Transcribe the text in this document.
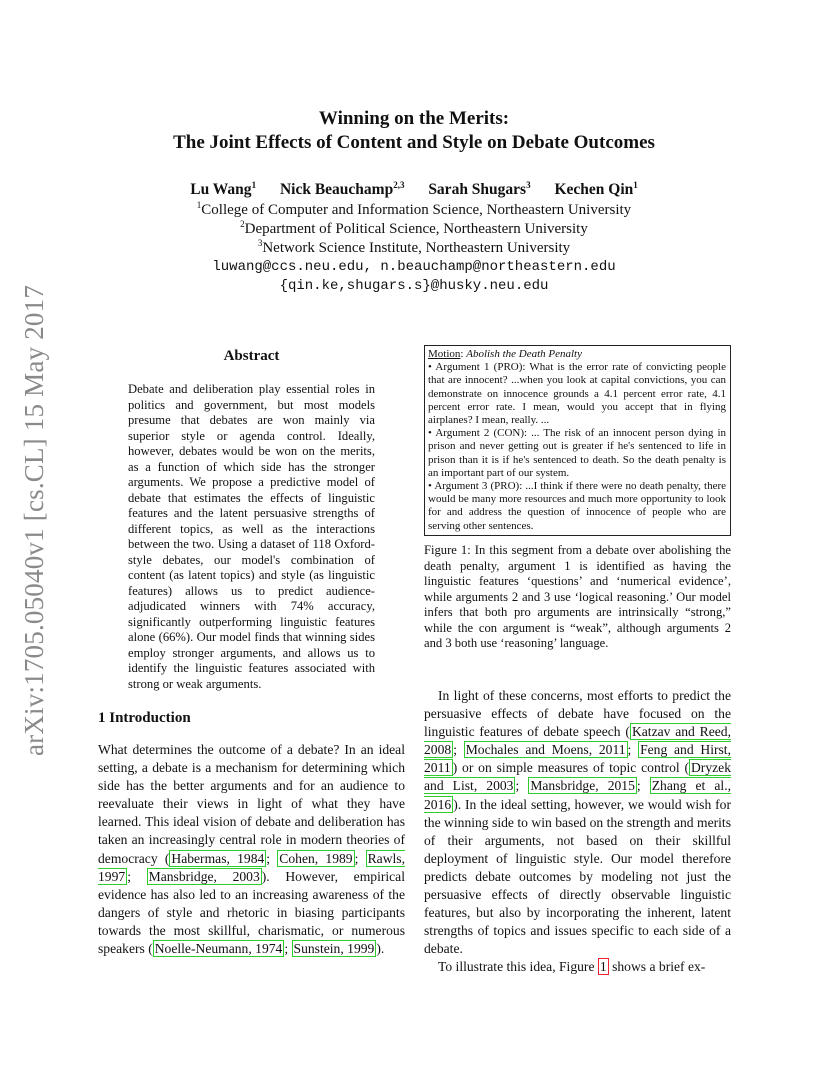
arXiv:1705.05040v1 [cs.CL] 15 May 2017
Winning on the Merits:
The Joint Effects of Content and Style on Debate Outcomes
Lu Wang$^1$ Nick Beauchamp$^{2,3}$ Sarah Shugars$^3$ Kechen Qin$^1$
$^1$College of Computer and Information Science, Northeastern University
$^2$Department of Political Science, Northeastern University
$^3$Network Science Institute, Northeastern University
luwang@ccs.neu.edu, n.beauchamp@northeastern.edu
{qin.ke,shugars.s}@husky.neu.edu
Abstract
Debate and deliberation play essential roles in politics and government, but most models presume that debates are won mainly via superior style or agenda control. Ideally, however, debates would be won on the merits, as a function of which side has the stronger arguments. We propose a predictive model of debate that estimates the effects of linguistic features and the latent persuasive strengths of different topics, as well as the interactions between the two. Using a dataset of 118 Oxford-style debates, our model's combination of content (as latent topics) and style (as linguistic features) allows us to predict audience-adjudicated winners with 74% accuracy, significantly outperforming linguistic features alone (66%). Our model finds that winning sides employ stronger arguments, and allows us to identify the linguistic features associated with strong or weak arguments.

Motion: Abolish the Death Penalty

• Argument 1 (PRO): What is the error rate of convicting people that are innocent? ...when you look at capital convictions, you can demonstrate on innocence grounds a 4.1 percent error rate, 4.1 percent error rate. I mean, would you accept that in flying airplanes? I mean, really. ...

• Argument 2 (CON): ... The risk of an innocent person dying in prison and never getting out is greater if he's sentenced to life in prison than it is if he's sentenced to death. So the death penalty is an important part of our system.

• Argument 3 (PRO): ...I think if there were no death penalty, there would be many more resources and much more opportunity to look for and address the question of innocence of people who are serving other sentences.

Figure 1: In this segment from a debate over abolishing the death penalty, argument 1 is identified as having the linguistic features ‘questions’ and ‘numerical evidence’, while arguments 2 and 3 use ‘logical reasoning.’ Our model infers that both pro arguments are intrinsically “strong,” while the con argument is “weak”, although arguments 2 and 3 both use ‘reasoning’ language.
1 Introduction

What determines the outcome of a debate? In an ideal setting, a debate is a mechanism for determining which side has the better arguments and for an audience to reevaluate their views in light of what they have learned. This ideal vision of debate and deliberation has taken an increasingly central role in modern theories of democracy ( Habermas, 1984 ; Cohen, 1989 ; Rawls, 1997 ; Mansbridge, 2003 ). However, empirical evidence has also led to an increasing awareness of the dangers of style and rhetoric in biasing participants towards the most skillful, charismatic, or numerous speakers ( Noelle-Neumann, 1974 ; Sunstein, 1999 ).

In light of these concerns, most efforts to predict the persuasive effects of debate have focused on the linguistic features of debate speech ( Katzav and Reed, 2008 ; Mochales and Moens, 2011 ; Feng and Hirst, 2011 ) or on simple measures of topic control ( Dryzek and List, 2003 ; Mansbridge, 2015 ; Zhang et al., 2016 ). In the ideal setting, however, we would wish for the winning side to win based on the strength and merits of their arguments, not based on their skillful deployment of linguistic style. Our model therefore predicts debate outcomes by modeling not just the persuasive effects of directly observable linguistic features, but also by incorporating the inherent, latent strengths of topics and issues specific to each side of a debate.

To illustrate this idea, Figure 1 shows a brief ex-
